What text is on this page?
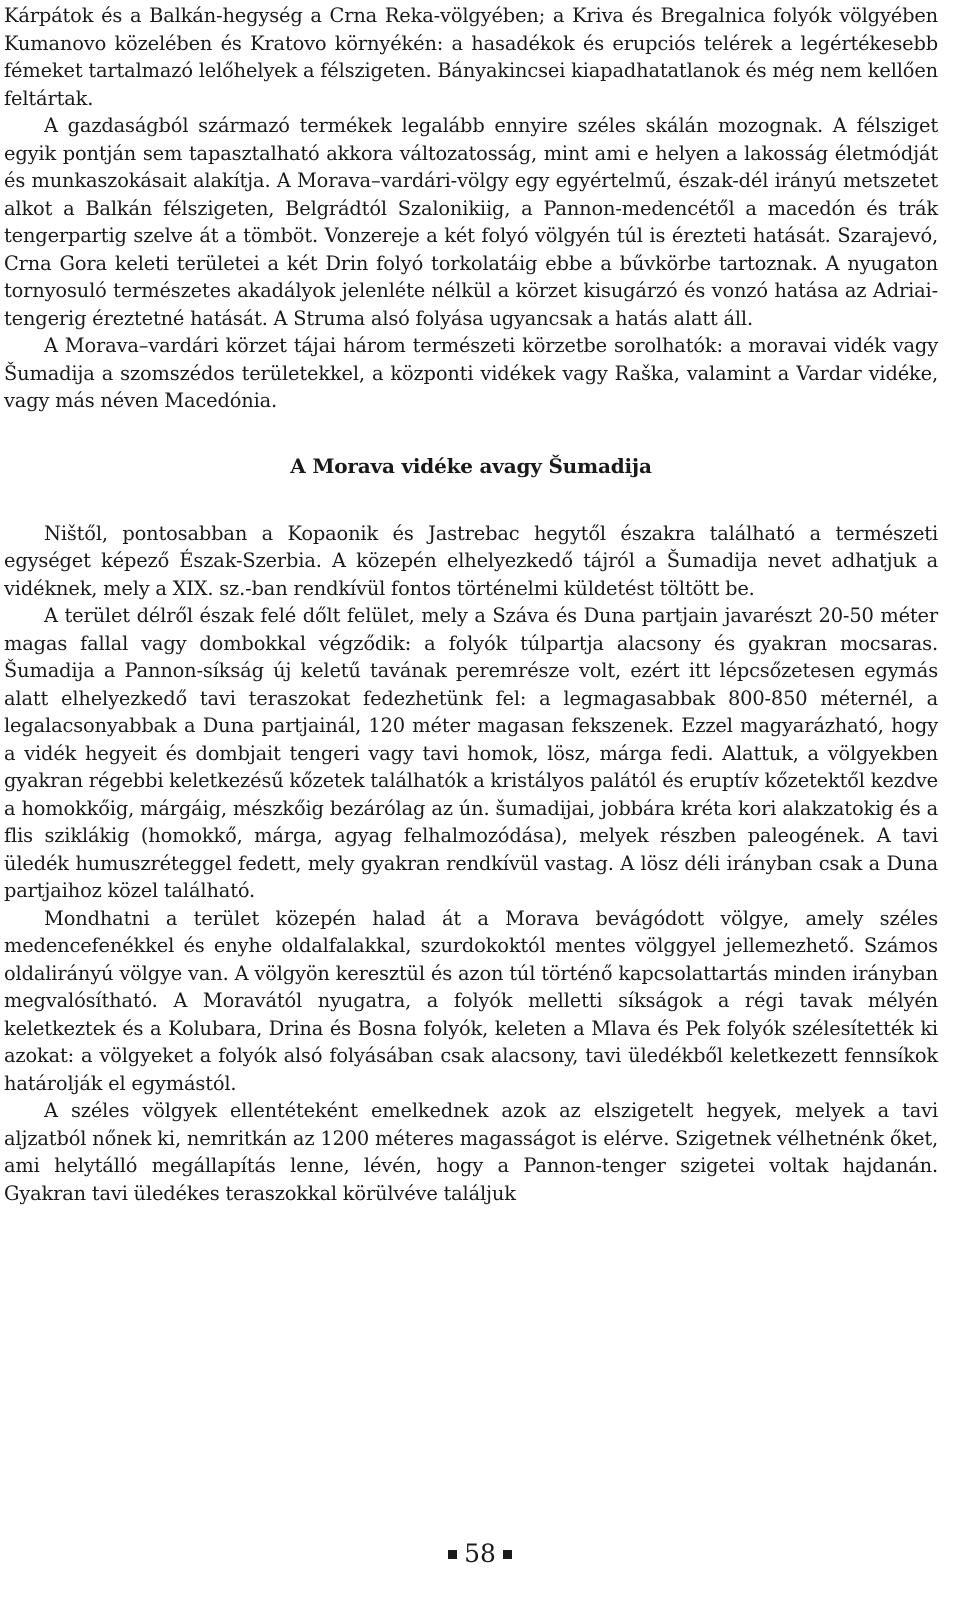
Kárpátok és a Balkán-hegység a Crna Reka-völgyében; a Kriva és Bregalnica folyók völgyében Kumanovo közelében és Kratovo környékén: a hasadékok és erupciós telérek a legértékesebb fémeket tartalmazó lelőhelyek a félszigeten. Bányakincsei kiapadhatatlanok és még nem kellően feltártak.

A gazdaságból származó termékek legalább ennyire széles skálán mozognak. A félsziget egyik pontján sem tapasztalható akkora változatosság, mint ami e helyen a lakosság életmódját és munkaszokásait alakítja. A Morava–vardári-völgy egy egyértelmű, észak-dél irányú metszetet alkot a Balkán félszigeten, Belgrádtól Szalonikiig, a Pannon-medencétől a macedón és trák tengerpartig szelve át a tömböt. Vonzereje a két folyó völgyén túl is érezteti hatását. Szarajevó, Crna Gora keleti területei a két Drin folyó torkolatáig ebbe a bűvkörbe tartoznak. A nyugaton tornyosuló természetes akadályok jelenléte nélkül a körzet kisugárzó és vonzó hatása az Adriai-tengerig éreztetné hatását. A Struma alsó folyása ugyancsak a hatás alatt áll.

A Morava–vardári körzet tájai három természeti körzetbe sorolhatók: a moravai vidék vagy Šumadija a szomszédos területekkel, a központi vidékek vagy Raška, valamint a Vardar vidéke, vagy más néven Macedónia.

A Morava vidéke avagy Šumadija

Ništől, pontosabban a Kopaonik és Jastrebac hegytől északra található a természeti egységet képező Észak-Szerbia. A közepén elhelyezkedő tájról a Šumadija nevet adhatjuk a vidéknek, mely a XIX. sz.-ban rendkívül fontos történelmi küldetést töltött be.

A terület délről észak felé dőlt felület, mely a Száva és Duna partjain javarészt 20-50 méter magas fallal vagy dombokkal végződik: a folyók túlpartja alacsony és gyakran mocsaras. Šumadija a Pannon-síkság új keletű tavának peremrésze volt, ezért itt lépcsőzetesen egymás alatt elhelyezkedő tavi teraszokat fedezhetünk fel: a legmagasabbak 800-850 méternél, a legalacsonyabbak a Duna partjainál, 120 méter magasan fekszenek. Ezzel magyarázható, hogy a vidék hegyeit és dombjait tengeri vagy tavi homok, lösz, márga fedi. Alattuk, a völgyekben gyakran régebbi keletkezésű kőzetek találhatók a kristályos palától és eruptív kőzetektől kezdve a homokkőig, márgáig, mészkőig bezárólag az ún. šumadijai, jobbára kréta kori alakzatokig és a flis sziklákig (homokkő, márga, agyag felhalmozódása), melyek részben paleogének. A tavi üledék humuszréteggel fedett, mely gyakran rendkívül vastag. A lösz déli irányban csak a Duna partjaihoz közel található.

Mondhatni a terület közepén halad át a Morava bevágódott völgye, amely széles medencefenékkel és enyhe oldalfalakkal, szurdokoktól mentes völggyel jellemezhető. Számos oldalirányú völgye van. A völgyön keresztül és azon túl történő kapcsolattartás minden irányban megvalósítható. A Moravától nyugatra, a folyók melletti síkságok a régi tavak mélyén keletkeztek és a Kolubara, Drina és Bosna folyók, keleten a Mlava és Pek folyók szélesítették ki azokat: a völgyeket a folyók alsó folyásában csak alacsony, tavi üledékből keletkezett fennsíkok határolják el egymástól.

A széles völgyek ellentéteként emelkednek azok az elszigetelt hegyek, melyek a tavi aljzatból nőnek ki, nemritkán az 1200 méteres magasságot is elérve. Szigetnek vélhetnénk őket, ami helytálló megállapítás lenne, lévén, hogy a Pannon-tenger szigetei voltak hajdanán. Gyakran tavi üledékes teraszokkal körülvéve találjuk

58
